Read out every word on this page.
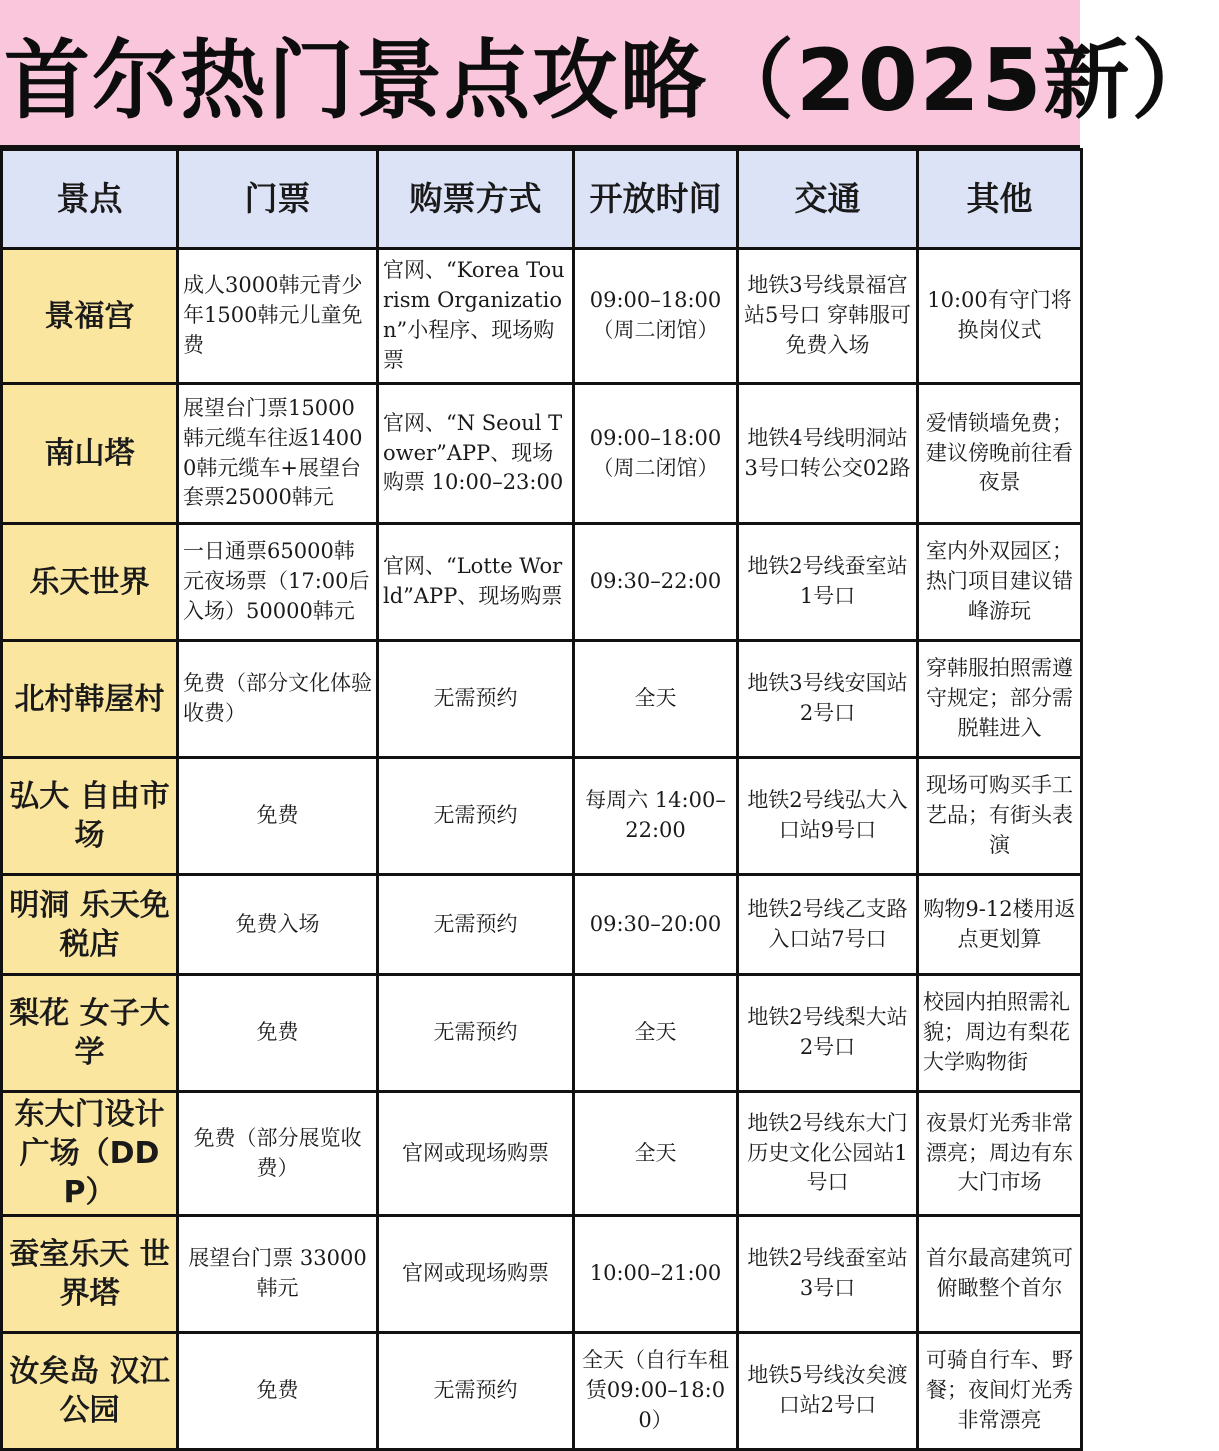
首尔热门景点攻略（2025新）
景点	门票	购票方式	开放时间	交通	其他
景福宫	成人3000韩元青少年1500韩元儿童免费	官网、“Korea Tourism Organization”小程序、现场购票	09:00–18:00（周二闭馆）	地铁3号线景福宫站5号口 穿韩服可免费入场	10:00有守门将换岗仪式
南山塔	展望台门票15000韩元缆车往返14000韩元缆车+展望台套票25000韩元	官网、“N Seoul Tower”APP、现场购票 10:00–23:00	09:00–18:00（周二闭馆）	地铁4号线明洞站3号口转公交02路	爱情锁墙免费；建议傍晚前往看夜景
乐天世界	一日通票65000韩元夜场票（17:00后入场）50000韩元	官网、“Lotte World”APP、现场购票	09:30–22:00	地铁2号线蚕室站1号口	室内外双园区；热门项目建议错峰游玩
北村韩屋村	免费（部分文化体验收费）	无需预约	全天	地铁3号线安国站2号口	穿韩服拍照需遵守规定；部分需脱鞋进入
弘大 自由市场	免费	无需预约	每周六 14:00–22:00	地铁2号线弘大入口站9号口	现场可购买手工艺品；有街头表演
明洞 乐天免税店	免费入场	无需预约	09:30–20:00	地铁2号线乙支路入口站7号口	购物9-12楼用返点更划算
梨花 女子大学	免费	无需预约	全天	地铁2号线梨大站2号口	校园内拍照需礼貌；周边有梨花大学购物街
东大门设计广场（DDP）	免费（部分展览收费）	官网或现场购票	全天	地铁2号线东大门历史文化公园站1号口	夜景灯光秀非常漂亮；周边有东大门市场
蚕室乐天 世界塔	展望台门票 33000韩元	官网或现场购票	10:00–21:00	地铁2号线蚕室站3号口	首尔最高建筑可俯瞰整个首尔
汝矣岛 汉江公园	免费	无需预约	全天（自行车租赁09:00–18:00）	地铁5号线汝矣渡口站2号口	可骑自行车、野餐；夜间灯光秀非常漂亮
